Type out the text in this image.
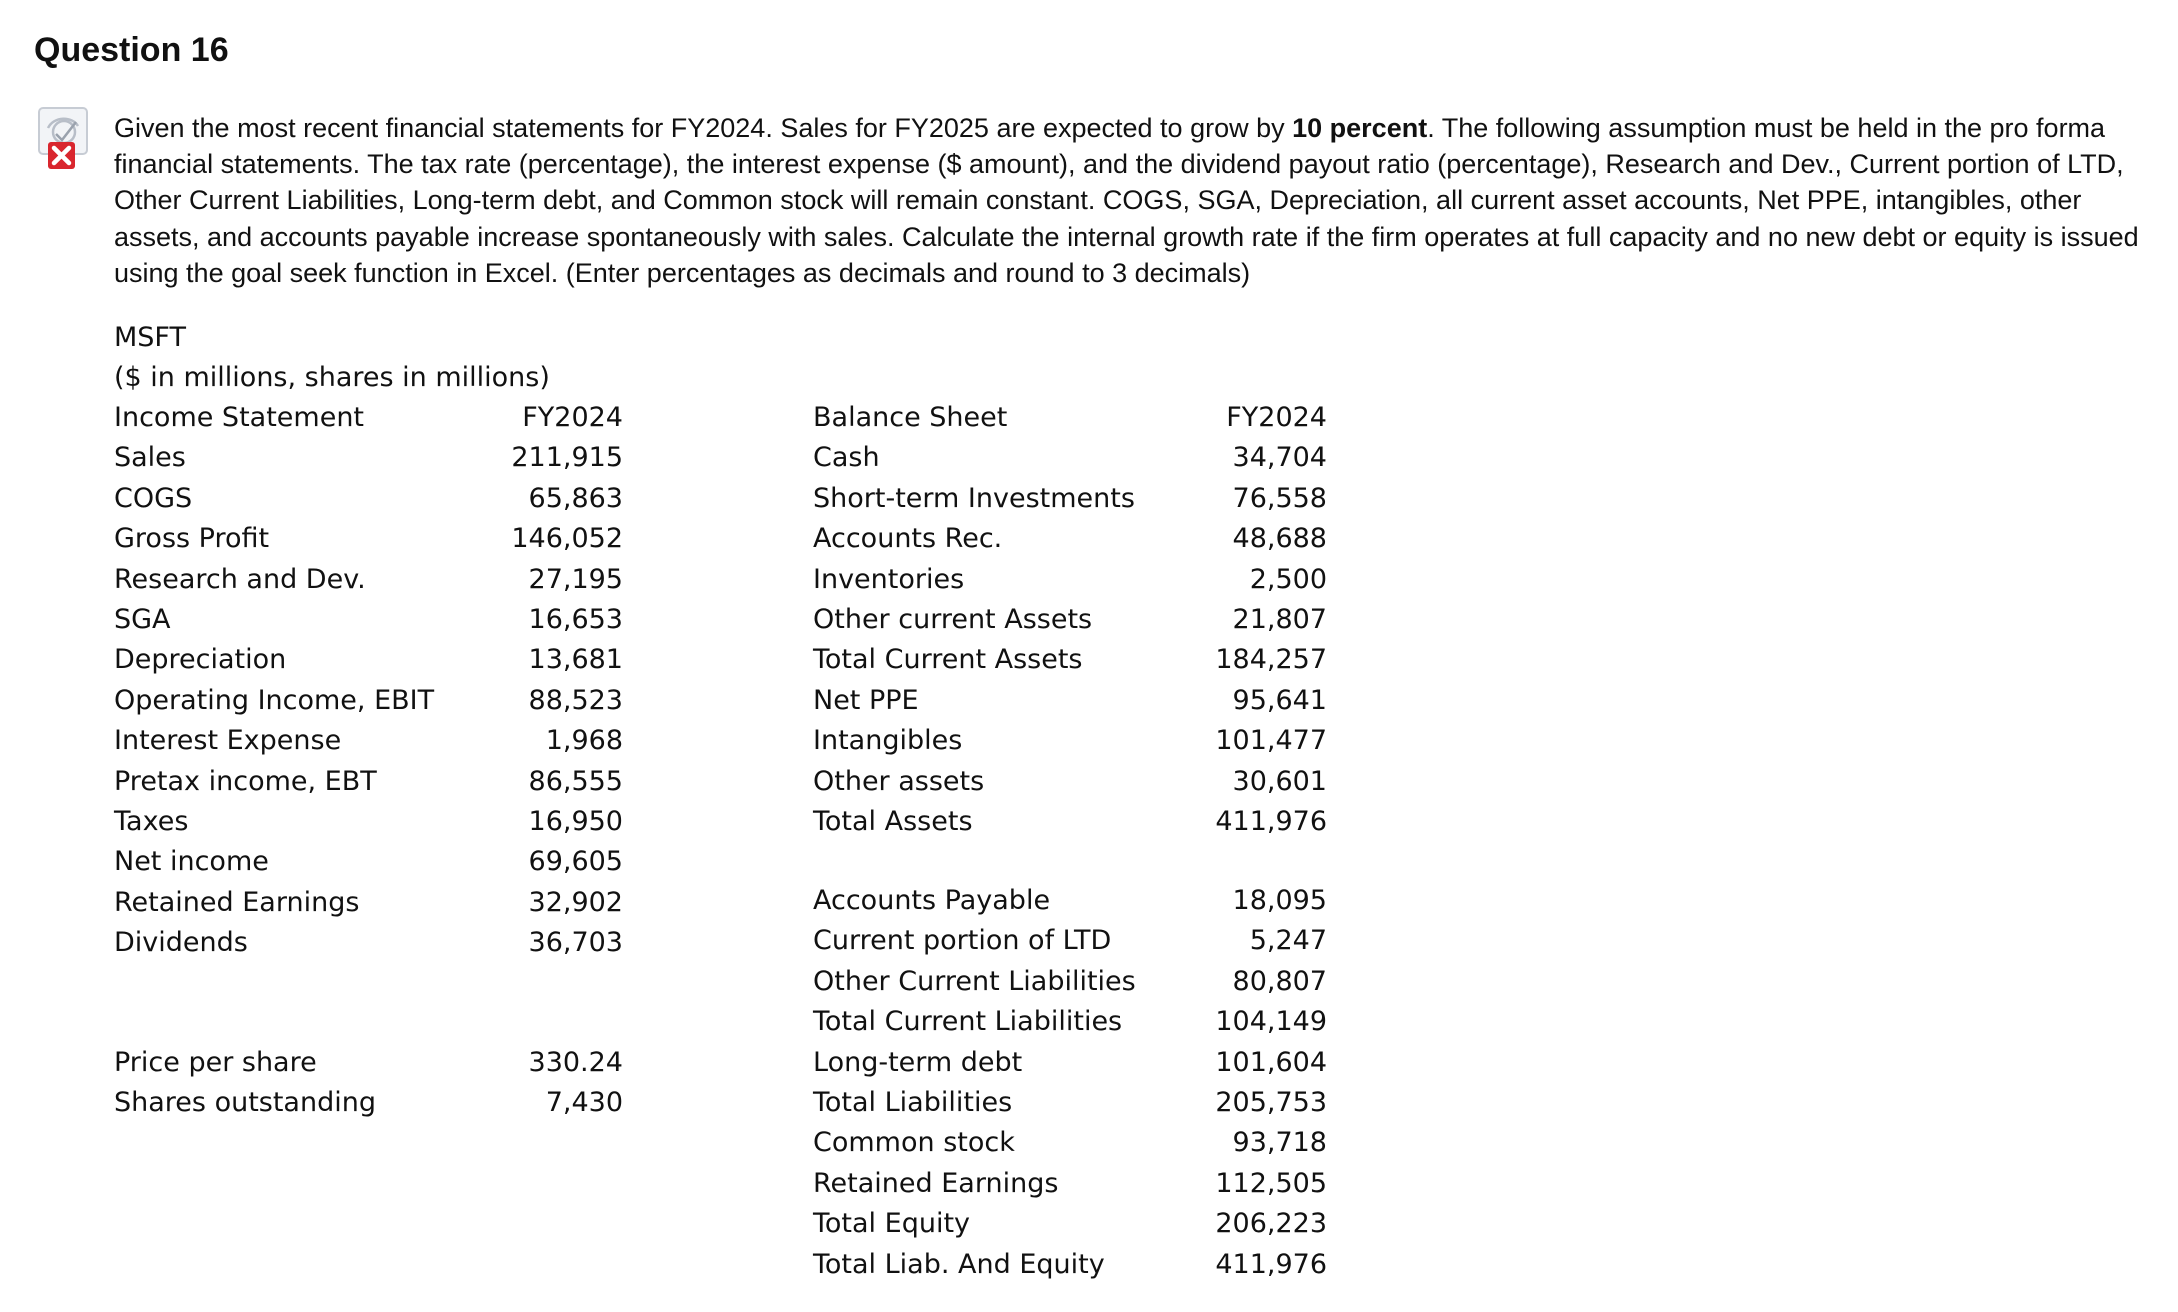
Question 16

Given the most recent financial statements for FY2024. Sales for FY2025 are expected to grow by 10 percent. The following assumption must be held in the pro forma financial statements. The tax rate (percentage), the interest expense ($ amount), and the dividend payout ratio (percentage), Research and Dev., Current portion of LTD, Other Current Liabilities, Long-term debt, and Common stock will remain constant. COGS, SGA, Depreciation, all current asset accounts, Net PPE, intangibles, other assets, and accounts payable increase spontaneously with sales. Calculate the internal growth rate if the firm operates at full capacity and no new debt or equity is issued using the goal seek function in Excel. (Enter percentages as decimals and round to 3 decimals)

MSFT
($ in millions, shares in millions)
Income Statement
Sales
COGS
Gross Profit
Research and Dev.
SGA
Depreciation
Operating Income, EBIT
Interest Expense
Pretax income, EBT
Taxes
Net income
Retained Earnings
Dividends
FY2024
211,915
65,863
146,052
27,195
16,653
13,681
88,523
1,968
86,555
16,950
69,605
32,902
36,703
Price per share
Shares outstanding
330.24
7,430
Balance Sheet
Cash
Short-term Investments
Accounts Rec.
Inventories
Other current Assets
Total Current Assets
Net PPE
Intangibles
Other assets
Total Assets
FY2024
34,704
76,558
48,688
2,500
21,807
184,257
95,641
101,477
30,601
411,976
Accounts Payable
Current portion of LTD
Other Current Liabilities
Total Current Liabilities
Long-term debt
Total Liabilities
Common stock
Retained Earnings
Total Equity
Total Liab. And Equity
18,095
5,247
80,807
104,149
101,604
205,753
93,718
112,505
206,223
411,976
